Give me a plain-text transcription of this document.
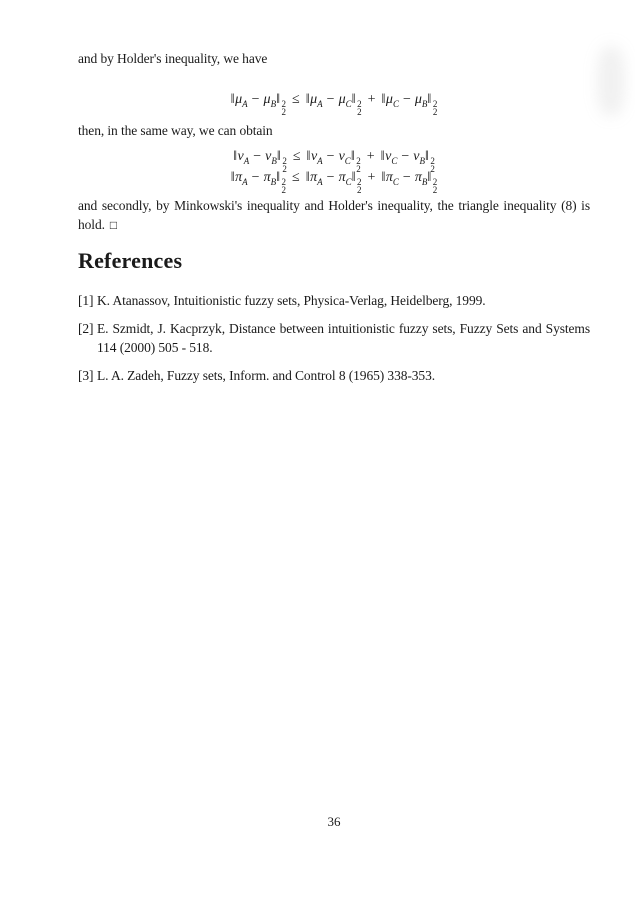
and by Holder's inequality, we have

$‖\mu_A$ − $\mu_B‖$ 2
2
≤ $‖\mu_A$ − $\mu_C‖$ 2
2
+ $‖\mu_C$ − $\mu_B‖$ 2
2

then, in the same way, we can obtain

$‖\nu_A$ − $\nu_B‖$ 2
2
≤ $‖\nu_A$ − $\nu_C‖$ 2
2
+ $‖\nu_C$ − $\nu_B‖$ 2
2
$‖\pi_A$ − $\pi_B‖$ 2
2
≤ $‖\pi_A$ − $\pi_C‖$ 2
2
+ $‖\pi_C$ − $\pi_B‖$ 2
2

and secondly, by Minkowski's inequality and Holder's inequality, the triangle inequality (8) is hold. □

References
[1] K. Atanassov, Intuitionistic fuzzy sets, Physica-Verlag, Heidelberg, 1999.
[2] E. Szmidt, J. Kacprzyk, Distance between intuitionistic fuzzy sets, Fuzzy Sets and Systems 114 (2000) 505 - 518.
[3] L. A. Zadeh, Fuzzy sets, Inform. and Control 8 (1965) 338-353.

36
